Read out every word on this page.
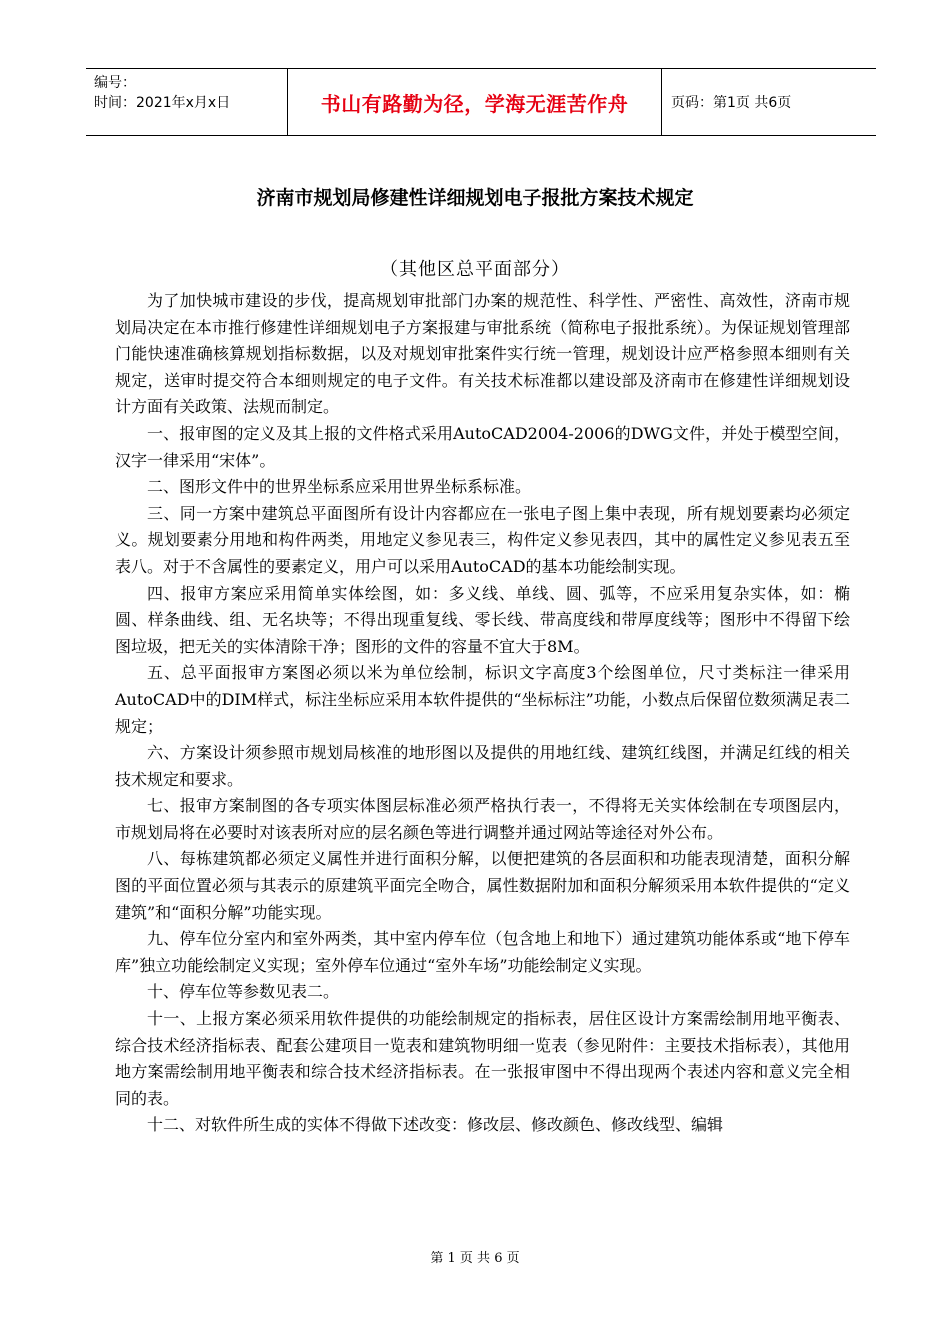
编号：
时间：2021年x月x日	书山有路勤为径，学海无涯苦作舟	页码：第1页 共6页
济南市规划局修建性详细规划电子报批方案技术规定
（其他区总平面部分）

为了加快城市建设的步伐，提高规划审批部门办案的规范性、科学性、严密性、高效性，济南市规划局决定在本市推行修建性详细规划电子方案报建与审批系统（简称电子报批系统）。为保证规划管理部门能快速准确核算规划指标数据，以及对规划审批案件实行统一管理，规划设计应严格参照本细则有关规定，送审时提交符合本细则规定的电子文件。有关技术标准都以建设部及济南市在修建性详细规划设计方面有关政策、法规而制定。

一、报审图的定义及其上报的文件格式采用AutoCAD2004-2006的DWG文件，并处于模型空间，汉字一律采用“宋体”。

二、图形文件中的世界坐标系应采用世界坐标系标准。

三、同一方案中建筑总平面图所有设计内容都应在一张电子图上集中表现，所有规划要素均必须定义。规划要素分用地和构件两类，用地定义参见表三，构件定义参见表四，其中的属性定义参见表五至表八。对于不含属性的要素定义，用户可以采用AutoCAD的基本功能绘制实现。

四、报审方案应采用简单实体绘图，如：多义线、单线、圆、弧等，不应采用复杂实体，如：椭圆、样条曲线、组、无名块等；不得出现重复线、零长线、带高度线和带厚度线等；图形中不得留下绘图垃圾，把无关的实体清除干净；图形的文件的容量不宜大于8M。

五、总平面报审方案图必须以米为单位绘制，标识文字高度3个绘图单位，尺寸类标注一律采用AutoCAD中的DIM样式，标注坐标应采用本软件提供的“坐标标注”功能，小数点后保留位数须满足表二规定；

六、方案设计须参照市规划局核准的地形图以及提供的用地红线、建筑红线图，并满足红线的相关技术规定和要求。

七、报审方案制图的各专项实体图层标准必须严格执行表一，不得将无关实体绘制在专项图层内，市规划局将在必要时对该表所对应的层名颜色等进行调整并通过网站等途径对外公布。

八、每栋建筑都必须定义属性并进行面积分解，以便把建筑的各层面积和功能表现清楚，面积分解图的平面位置必须与其表示的原建筑平面完全吻合，属性数据附加和面积分解须采用本软件提供的“定义建筑”和“面积分解”功能实现。

九、停车位分室内和室外两类，其中室内停车位（包含地上和地下）通过建筑功能体系或“地下停车库”独立功能绘制定义实现；室外停车位通过“室外车场”功能绘制定义实现。

十、停车位等参数见表二。

十一、上报方案必须采用软件提供的功能绘制规定的指标表，居住区设计方案需绘制用地平衡表、综合技术经济指标表、配套公建项目一览表和建筑物明细一览表（参见附件：主要技术指标表），其他用地方案需绘制用地平衡表和综合技术经济指标表。在一张报审图中不得出现两个表述内容和意义完全相同的表。

十二、对软件所生成的实体不得做下述改变：修改层、修改颜色、修改线型、编辑

第 1 页 共 6 页
